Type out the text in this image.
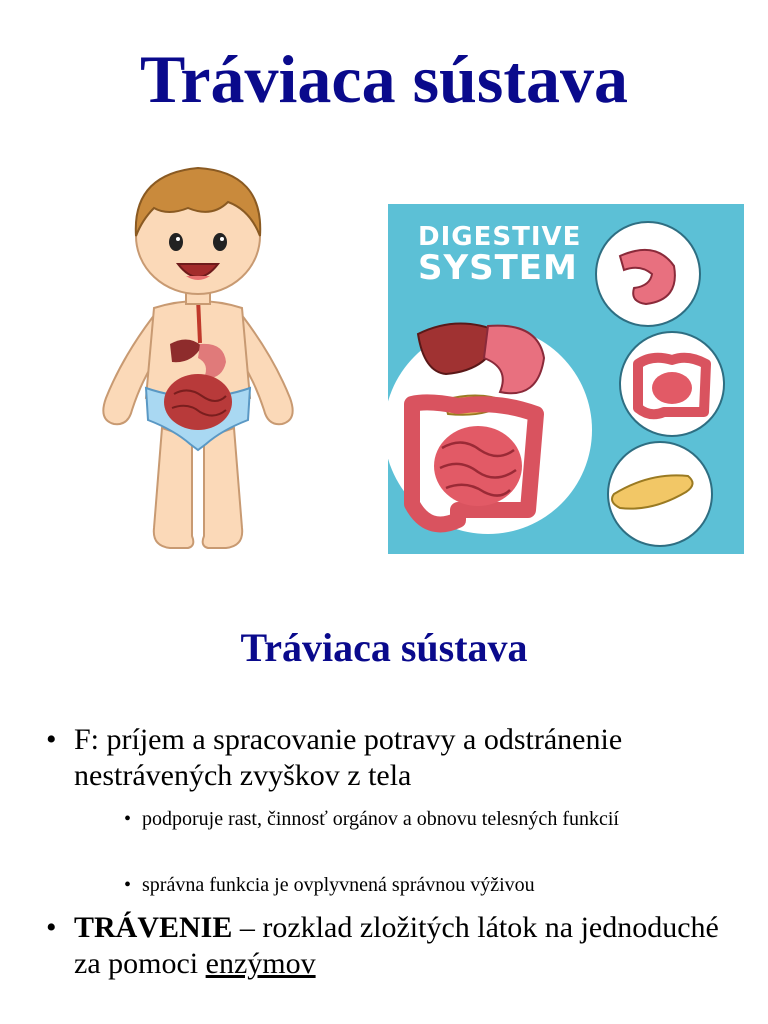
Tráviaca sústava
DIGESTIVE
SYSTEM
Tráviaca sústava
• F: príjem a spracovanie potravy a odstránenie nestrávených zvyškov z tela
• podporuje rast, činnosť orgánov a obnovu telesných funkcií
• správna funkcia je ovplyvnená správnou výživou
• TRÁVENIE – rozklad zložitých látok na jednoduché za pomoci enzýmov
